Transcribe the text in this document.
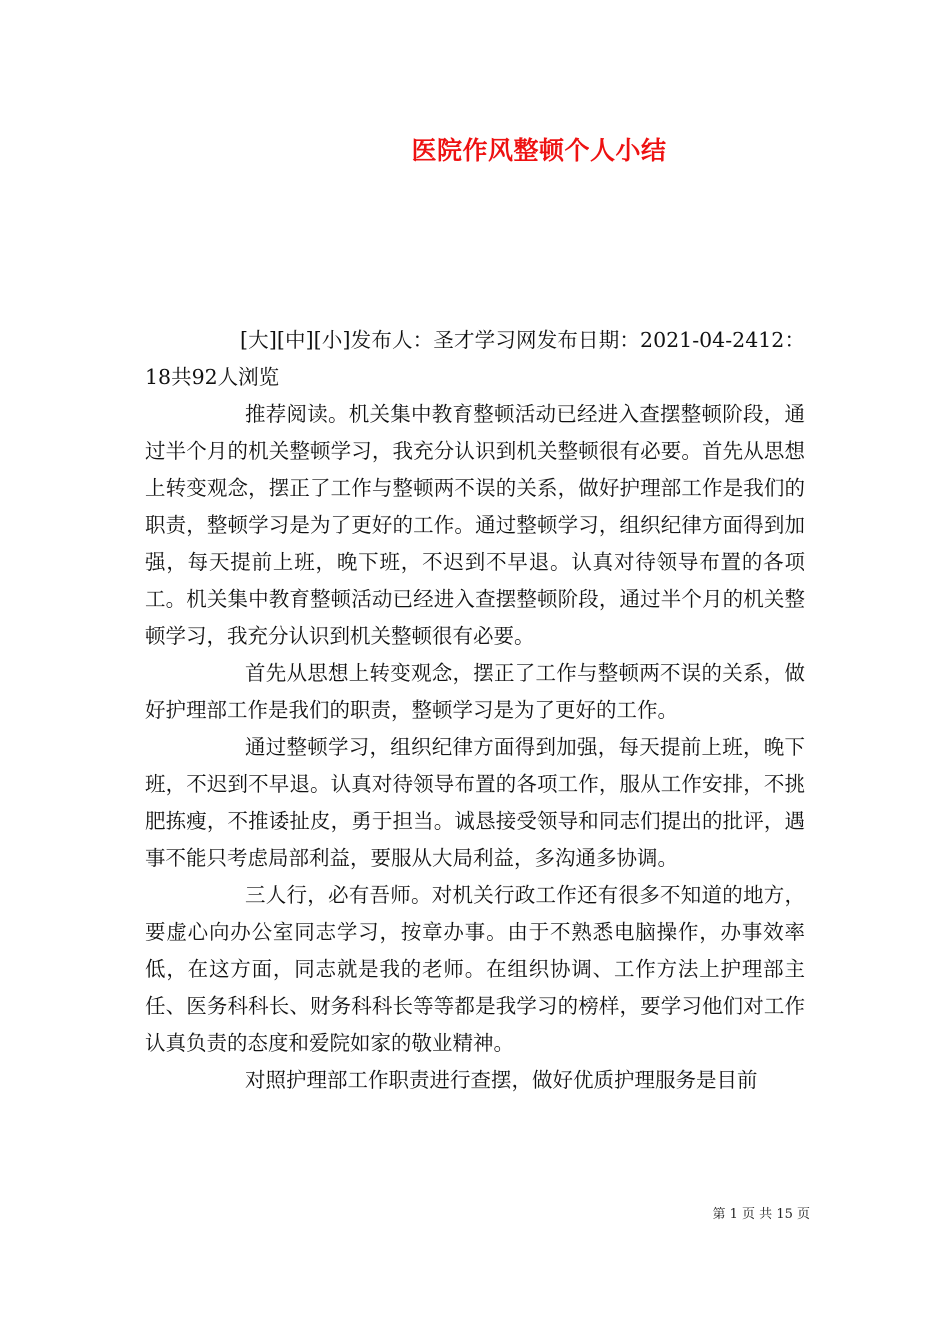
医院作风整顿个人小结

[大][中][小]发布人：圣才学习网发布日期：2021-04-2412：18共92人浏览

推荐阅读。机关集中教育整顿活动已经进入查摆整顿阶段，通过半个月的机关整顿学习，我充分认识到机关整顿很有必要。首先从思想上转变观念，摆正了工作与整顿两不误的关系，做好护理部工作是我们的职责，整顿学习是为了更好的工作。通过整顿学习，组织纪律方面得到加强，每天提前上班，晚下班，不迟到不早退。认真对待领导布置的各项工。机关集中教育整顿活动已经进入查摆整顿阶段，通过半个月的机关整顿学习，我充分认识到机关整顿很有必要。

首先从思想上转变观念，摆正了工作与整顿两不误的关系，做好护理部工作是我们的职责，整顿学习是为了更好的工作。

通过整顿学习，组织纪律方面得到加强，每天提前上班，晚下班，不迟到不早退。认真对待领导布置的各项工作，服从工作安排，不挑肥拣瘦，不推诿扯皮，勇于担当。诚恳接受领导和同志们提出的批评，遇事不能只考虑局部利益，要服从大局利益，多沟通多协调。

三人行，必有吾师。对机关行政工作还有很多不知道的地方，要虚心向办公室同志学习，按章办事。由于不熟悉电脑操作，办事效率低，在这方面，同志就是我的老师。在组织协调、工作方法上护理部主任、医务科科长、财务科科长等等都是我学习的榜样，要学习他们对工作认真负责的态度和爱院如家的敬业精神。

对照护理部工作职责进行查摆，做好优质护理服务是目前

第 1 页 共 15 页
